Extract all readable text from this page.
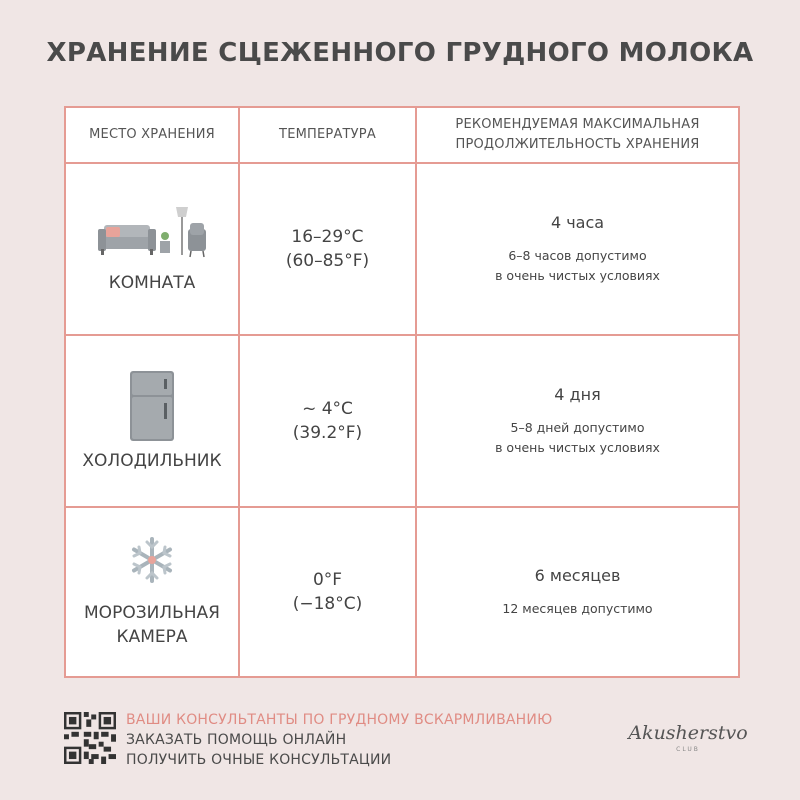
ХРАНЕНИЕ СЦЕЖЕННОГО ГРУДНОГО МОЛОКА
МЕСТО ХРАНЕНИЯ	ТЕМПЕРАТУРА
РЕКОМЕНДУЕМАЯ МАКСИМАЛЬНАЯ
ПРОДОЛЖИТЕЛЬНОСТЬ ХРАНЕНИЯ
КОМНАТА
16–29°C
(60–85°F)
4 часа
6–8 часов допустимо
в очень чистых условиях
ХОЛОДИЛЬНИК
~ 4°C
(39.2°F)
4 дня
5–8 дней допустимо
в очень чистых условиях
МОРОЗИЛЬНАЯ
КАМЕРА
0°F
(−18°C)
6 месяцев
12 месяцев допустимо
ВАШИ КОНСУЛЬТАНТЫ ПО ГРУДНОМУ ВСКАРМЛИВАНИЮ
ЗАКАЗАТЬ ПОМОЩЬ ОНЛАЙН
ПОЛУЧИТЬ ОЧНЫЕ КОНСУЛЬТАЦИИ
Akusherstvo
CLUB
